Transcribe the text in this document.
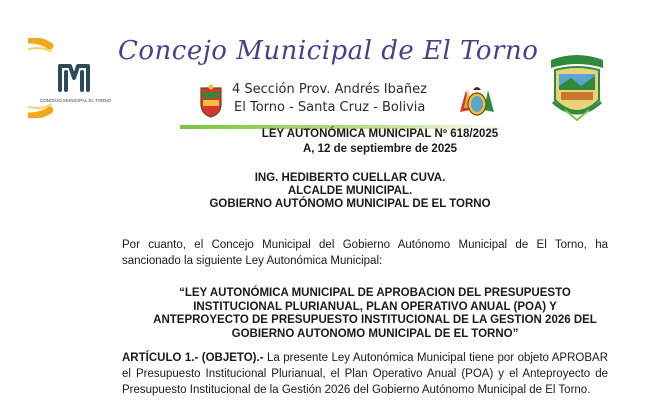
CONCEJO MUNICIPAL EL TORNO
Concejo Municipal de El Torno
4 Sección Prov. Andrés Ibañez
El Torno - Santa Cruz - Bolivia
EL TORNO
LEY AUTONÓMICA MUNICIPAL Nº 618/2025
A, 12 de septiembre de 2025
ING. HEDIBERTO CUELLAR CUVA.
ALCALDE MUNICIPAL.
GOBIERNO AUTÓNOMO MUNICIPAL DE EL TORNO
Por cuanto, el Concejo Municipal del Gobierno Autónomo Municipal de El Torno, ha sancionado la siguiente Ley Autonómica Municipal:
“LEY AUTONÓMICA MUNICIPAL DE APROBACION DEL PRESUPUESTO
INSTITUCIONAL PLURIANUAL, PLAN OPERATIVO ANUAL (POA) Y
ANTEPROYECTO DE PRESUPUESTO INSTITUCIONAL DE LA GESTION 2026 DEL
GOBIERNO AUTONOMO MUNICIPAL DE EL TORNO”
ARTÍCULO 1.- (OBJETO).- La presente Ley Autonómica Municipal tiene por objeto APROBAR el Presupuesto Institucional Plurianual, el Plan Operativo Anual (POA) y el Anteproyecto de Presupuesto Institucional de la Gestión 2026 del Gobierno Autónomo Municipal de El Torno.
